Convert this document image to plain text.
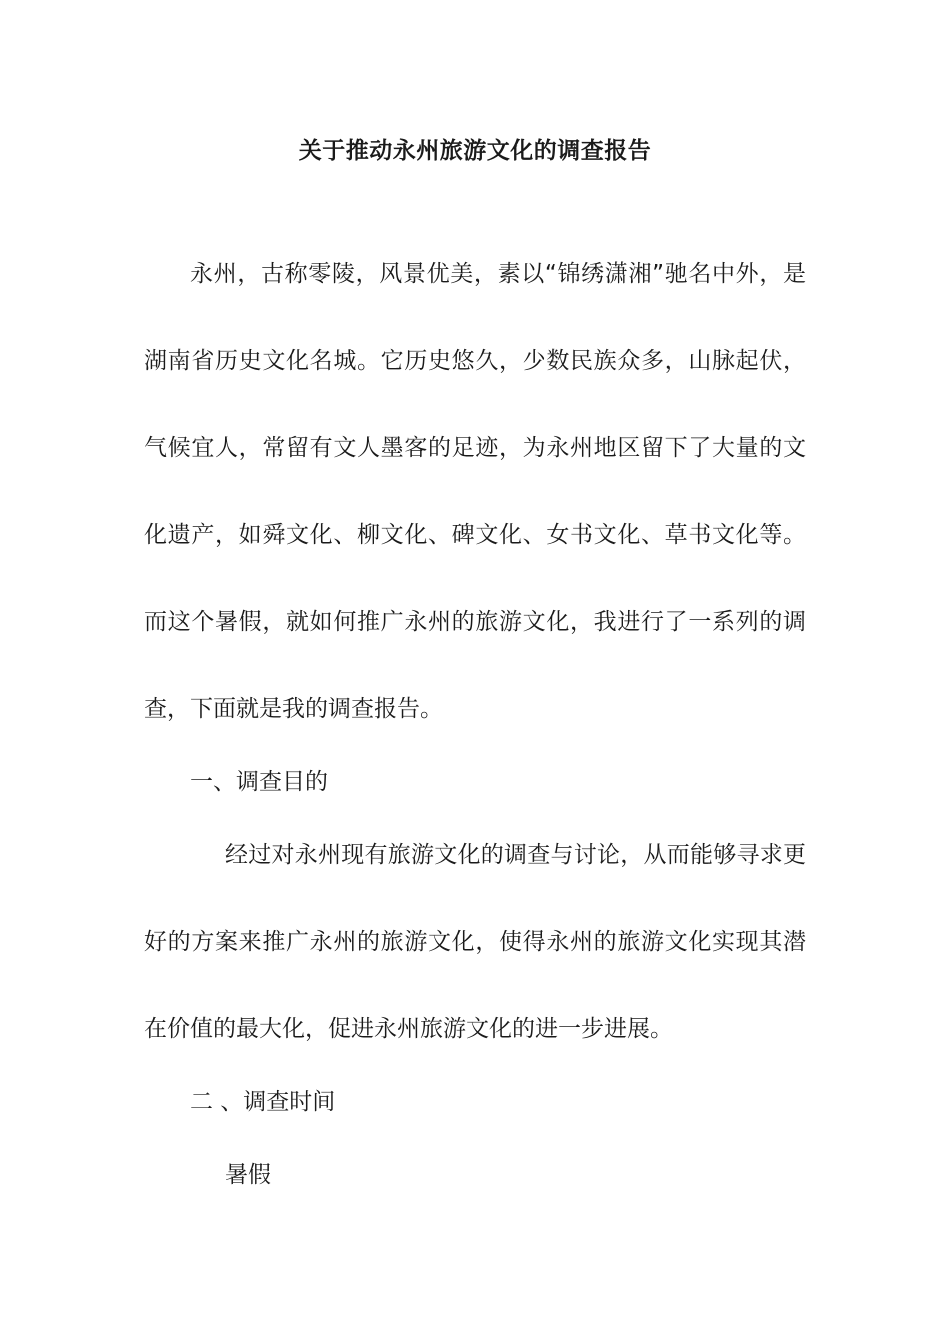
关于推动永州旅游文化的调查报告
永州，古称零陵，风景优美，素以“锦绣潇湘”驰名中外，是
湖南省历史文化名城。它历史悠久，少数民族众多，山脉起伏，
气候宜人，常留有文人墨客的足迹，为永州地区留下了大量的文
化遗产，如舜文化、柳文化、碑文化、女书文化、草书文化等。
而这个暑假，就如何推广永州的旅游文化，我进行了一系列的调
查，下面就是我的调查报告。
一、调查目的
经过对永州现有旅游文化的调查与讨论，从而能够寻求更
好的方案来推广永州的旅游文化，使得永州的旅游文化实现其潜
在价值的最大化，促进永州旅游文化的进一步进展。
二 、调查时间
暑假
